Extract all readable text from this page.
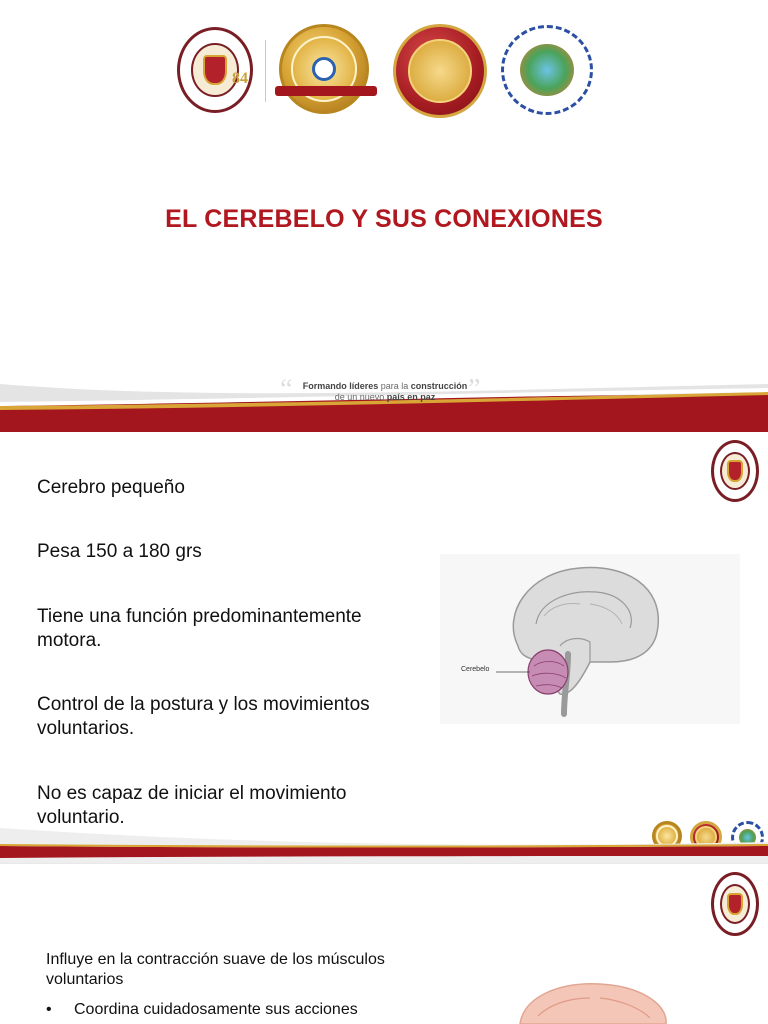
84
EL CEREBELO Y SUS CONEXIONES
“	”
Formando líderes para la construcción
de un nuevo país en paz
Cerebro pequeño
Pesa 150 a 180 grs
Tiene una función predominantemente motora.
Control de la postura y los movimientos voluntarios.
No es capaz de iniciar el movimiento voluntario.
Cerebelo
Influye en la contracción suave de los músculos voluntarios
• Coordina cuidadosamente sus acciones
